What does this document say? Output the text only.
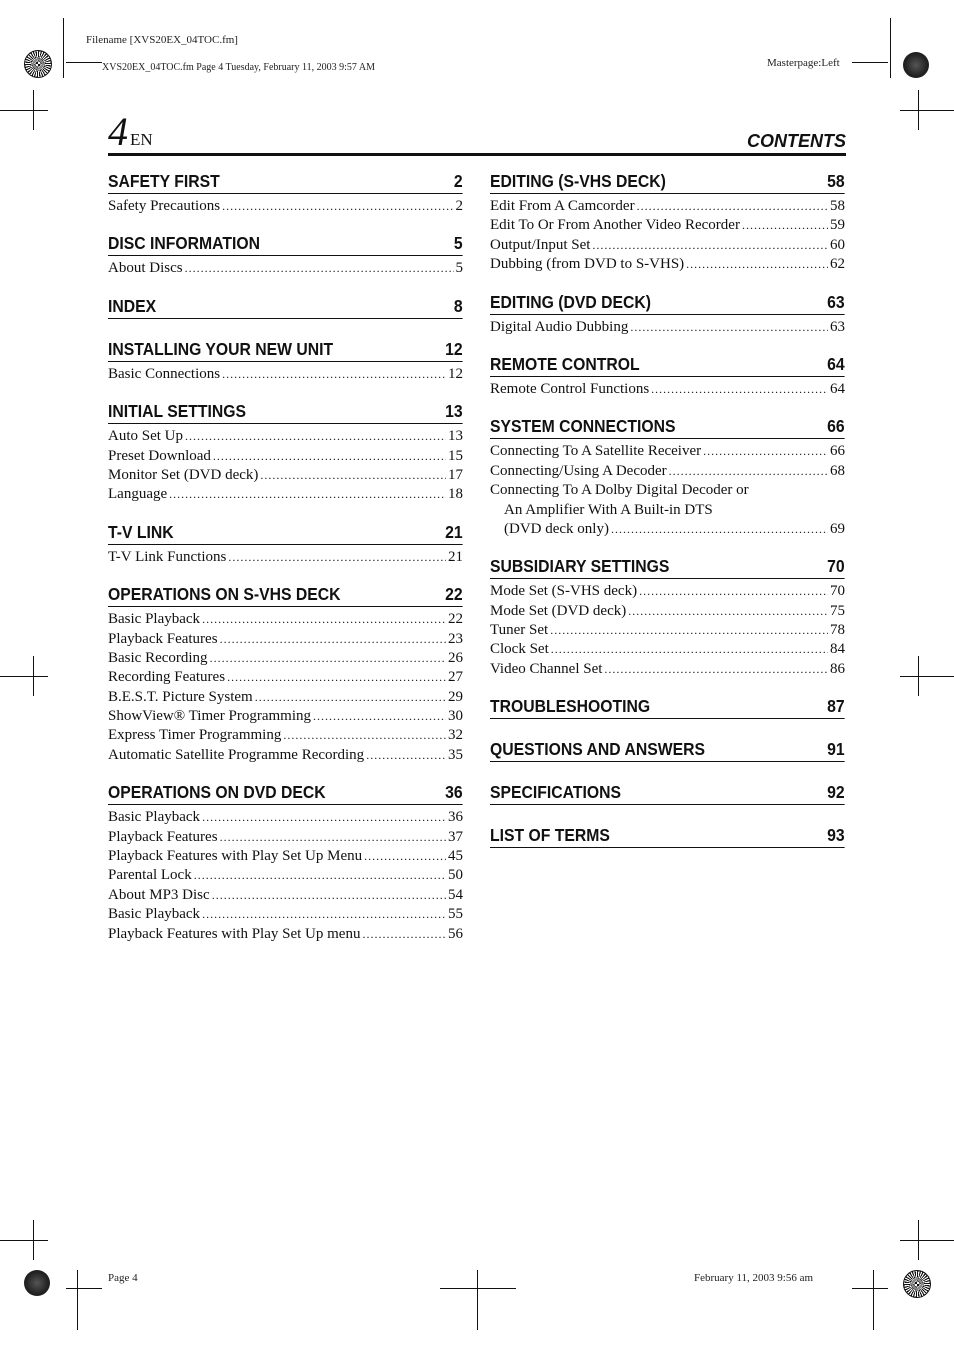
Filename [XVS20EX_04TOC.fm]
XVS20EX_04TOC.fm Page 4 Tuesday, February 11, 2003 9:57 AM	Masterpage:Left
4 EN	CONTENTS
SAFETY FIRST	2
Safety Precautions .....	2
DISC INFORMATION	5
About Discs .....	5
INDEX	8
INSTALLING YOUR NEW UNIT	12
Basic Connections .....	12
INITIAL SETTINGS	13
Auto Set Up .....	13
Preset Download .....	15
Monitor Set (DVD deck) .....	17
Language .....	18
T-V LINK	21
T-V Link Functions .....	21
OPERATIONS ON S-VHS DECK	22
Basic Playback .....	22
Playback Features .....	23
Basic Recording .....	26
Recording Features .....	27
B.E.S.T. Picture System .....	29
ShowView® Timer Programming .....	30
Express Timer Programming .....	32
Automatic Satellite Programme Recording .....	35
OPERATIONS ON DVD DECK	36
Basic Playback .....	36
Playback Features .....	37
Playback Features with Play Set Up Menu .....	45
Parental Lock .....	50
About MP3 Disc .....	54
Basic Playback .....	55
Playback Features with Play Set Up menu .....	56
EDITING (S-VHS DECK)	58
Edit From A Camcorder .....	58
Edit To Or From Another Video Recorder .....	59
Output/Input Set .....	60
Dubbing (from DVD to S-VHS) .....	62
EDITING (DVD DECK)	63
Digital Audio Dubbing .....	63
REMOTE CONTROL	64
Remote Control Functions .....	64
SYSTEM CONNECTIONS	66
Connecting To A Satellite Receiver .....	66
Connecting/Using A Decoder .....	68
Connecting To A Dolby Digital Decoder or
An Amplifier With A Built-in DTS
(DVD deck only) .....	69
SUBSIDIARY SETTINGS	70
Mode Set (S-VHS deck) .....	70
Mode Set (DVD deck) .....	75
Tuner Set .....	78
Clock Set .....	84
Video Channel Set .....	86
TROUBLESHOOTING	87
QUESTIONS AND ANSWERS	91
SPECIFICATIONS	92
LIST OF TERMS	93
Page 4	February 11, 2003 9:56 am
